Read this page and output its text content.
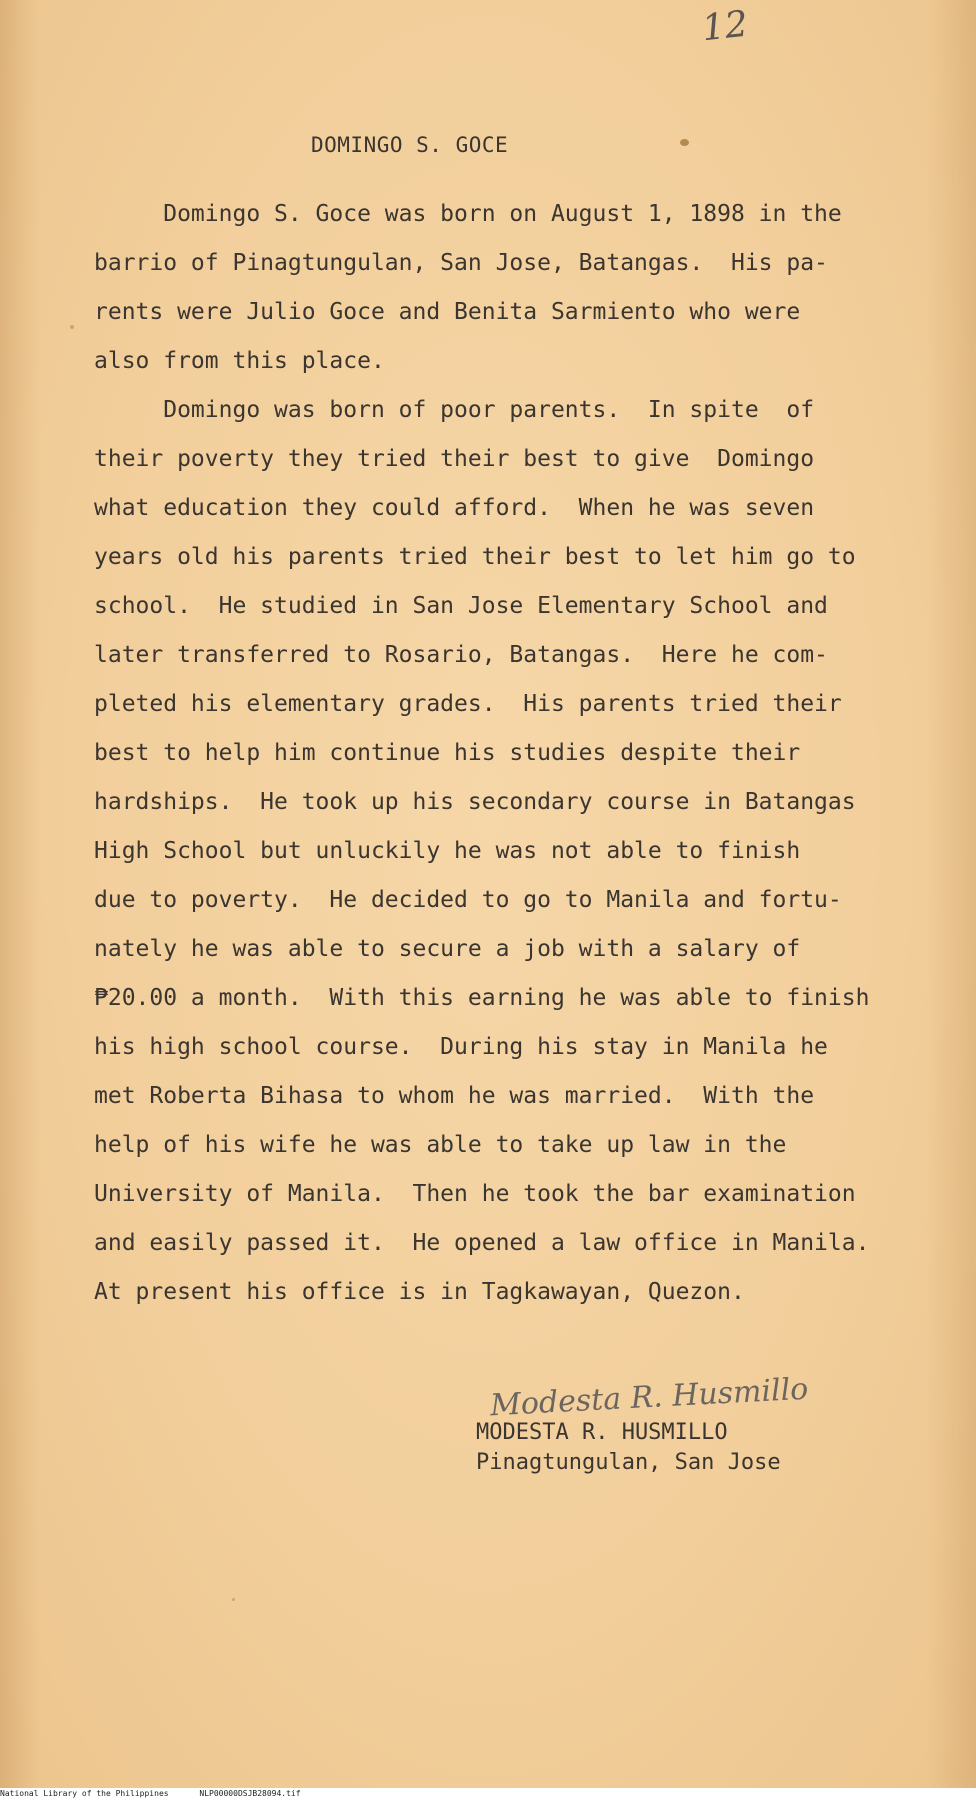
12
DOMINGO S. GOCE
Domingo S. Goce was born on August 1, 1898 in the
barrio of Pinagtungulan, San Jose, Batangas.  His pa-
rents were Julio Goce and Benita Sarmiento who were
also from this place.
Domingo was born of poor parents.  In spite  of
their poverty they tried their best to give  Domingo
what education they could afford.  When he was seven
years old his parents tried their best to let him go to
school.  He studied in San Jose Elementary School and
later transferred to Rosario, Batangas.  Here he com-
pleted his elementary grades.  His parents tried their
best to help him continue his studies despite their
hardships.  He took up his secondary course in Batangas
High School but unluckily he was not able to finish
due to poverty.  He decided to go to Manila and fortu-
nately he was able to secure a job with a salary of
₱20.00 a month.  With this earning he was able to finish
his high school course.  During his stay in Manila he
met Roberta Bihasa to whom he was married.  With the
help of his wife he was able to take up law in the
University of Manila.  Then he took the bar examination
and easily passed it.  He opened a law office in Manila.
At present his office is in Tagkawayan, Quezon.
Modesta R. Husmillo
MODESTA R. HUSMILLO
Pinagtungulan, San Jose
National Library of the Philippines	NLP00000DSJB28094.tif
